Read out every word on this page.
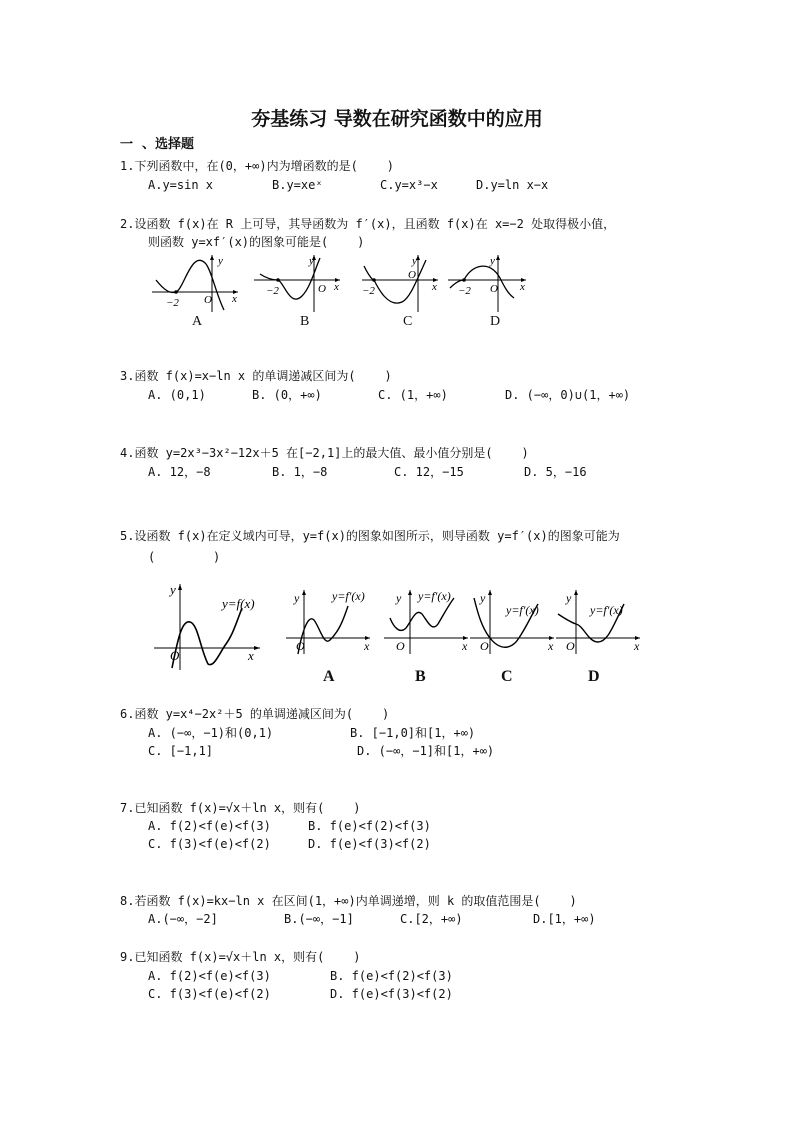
夯基练习 导数在研究函数中的应用
一  、选择题
1.下列函数中，在(0，+∞)内为增函数的是(    )
A.y=sin x	B.y=xeˣ	C.y=x³−x	D.y=ln x−x
2.设函数 f(x)在 R 上可导，其导函数为 f′(x)，且函数 f(x)在 x=−2 处取得极小值，
则函数 y=xf′(x)的图象可能是(    )
y
x
O
−2
A
y
x
O
−2
B
y
x
O
−2
C
y
x
O
−2
D
3.函数 f(x)=x−ln x 的单调递减区间为(    )
A. (0,1)	B. (0，+∞)	C. (1，+∞)	D. (−∞，0)∪(1，+∞)
4.函数 y=2x³−3x²−12x＋5 在[−2,1]上的最大值、最小值分别是(    )
A. 12，−8	B. 1，−8	C. 12，−15	D. 5，−16
5.设函数 f(x)在定义域内可导，y=f(x)的图象如图所示，则导函数 y=f′(x)的图象可能为
(        )
y
x
O
y=f(x)	y
x
O
y=f′(x)
A
y
x
O
y=f′(x)
B
y
x
O
y=f′(x)
C
y
x
O
y=f′(x)
D
6.函数 y=x⁴−2x²＋5 的单调递减区间为(    )
A. (−∞，−1)和(0,1)	B. [−1,0]和[1，+∞)
C. [−1,1]	D. (−∞，−1]和[1，+∞)
7.已知函数 f(x)=√x＋ln x，则有(    )
A. f(2)<f(e)<f(3)	B. f(e)<f(2)<f(3)
C. f(3)<f(e)<f(2)	D. f(e)<f(3)<f(2)
8.若函数 f(x)=kx−ln x 在区间(1，+∞)内单调递增，则 k 的取值范围是(    )
A.(−∞，−2]	B.(−∞，−1]	C.[2，+∞)	D.[1，+∞)
9.已知函数 f(x)=√x＋ln x，则有(    )
A. f(2)<f(e)<f(3)	B. f(e)<f(2)<f(3)
C. f(3)<f(e)<f(2)	D. f(e)<f(3)<f(2)
